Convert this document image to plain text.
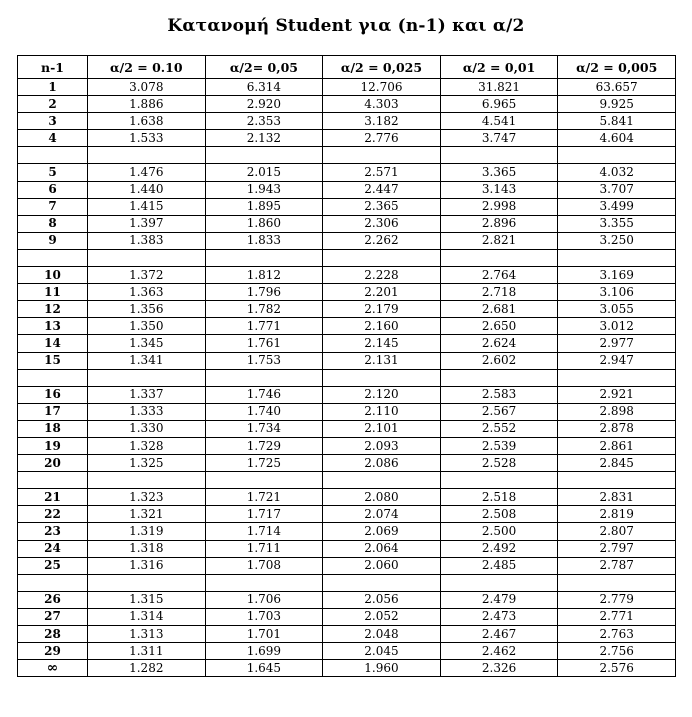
Κατανομή Student για (n-1) και α/2
n-1	α/2 = 0.10	α/2= 0,05	α/2 = 0,025	α/2 = 0,01	α/2 = 0,005
1	3.078	6.314	12.706	31.821	63.657
2	1.886	2.920	4.303	6.965	9.925
3	1.638	2.353	3.182	4.541	5.841
4	1.533	2.132	2.776	3.747	4.604

5	1.476	2.015	2.571	3.365	4.032
6	1.440	1.943	2.447	3.143	3.707
7	1.415	1.895	2.365	2.998	3.499
8	1.397	1.860	2.306	2.896	3.355
9	1.383	1.833	2.262	2.821	3.250

10	1.372	1.812	2.228	2.764	3.169
11	1.363	1.796	2.201	2.718	3.106
12	1.356	1.782	2.179	2.681	3.055
13	1.350	1.771	2.160	2.650	3.012
14	1.345	1.761	2.145	2.624	2.977
15	1.341	1.753	2.131	2.602	2.947

16	1.337	1.746	2.120	2.583	2.921
17	1.333	1.740	2.110	2.567	2.898
18	1.330	1.734	2.101	2.552	2.878
19	1.328	1.729	2.093	2.539	2.861
20	1.325	1.725	2.086	2.528	2.845

21	1.323	1.721	2.080	2.518	2.831
22	1.321	1.717	2.074	2.508	2.819
23	1.319	1.714	2.069	2.500	2.807
24	1.318	1.711	2.064	2.492	2.797
25	1.316	1.708	2.060	2.485	2.787

26	1.315	1.706	2.056	2.479	2.779
27	1.314	1.703	2.052	2.473	2.771
28	1.313	1.701	2.048	2.467	2.763
29	1.311	1.699	2.045	2.462	2.756
∞	1.282	1.645	1.960	2.326	2.576
